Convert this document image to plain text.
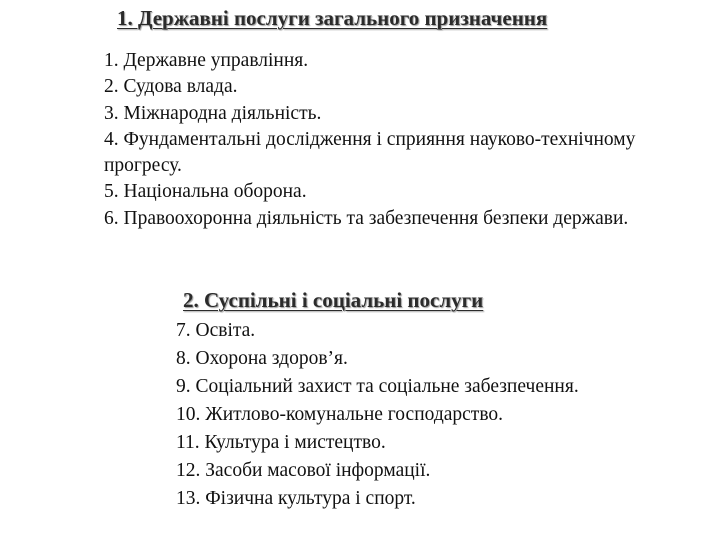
1. Державні послуги загального призначення
1. Державне управління.
2. Судова влада.
3. Міжнародна діяльність.
4. Фундаментальні дослідження і сприяння науково-технічному прогресу.
5. Національна оборона.
6. Правоохоронна діяльність та забезпечення безпеки держави.
2. Суспільні і соціальні послуги
7. Освіта.
8. Охорона здоров’я.
9. Соціальний захист та соціальне забезпечення.
10. Житлово-комунальне господарство.
11. Культура і мистецтво.
12. Засоби масової інформації.
13. Фізична культура і спорт.
